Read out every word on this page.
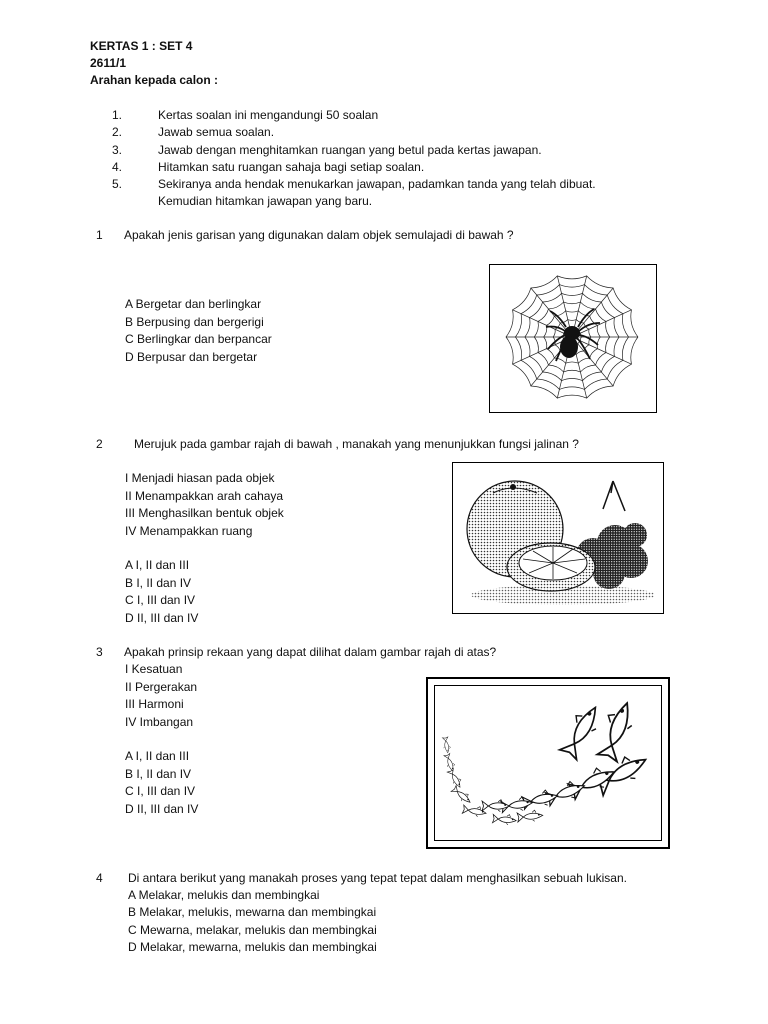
KERTAS 1 : SET 4
2611/1
Arahan kepada calon :
1.	Kertas soalan ini mengandungi 50 soalan
2.	Jawab semua soalan.
3.	Jawab dengan menghitamkan ruangan yang betul pada kertas jawapan.
4.	Hitamkan satu ruangan sahaja bagi setiap soalan.
5.	Sekiranya anda hendak menukarkan jawapan, padamkan tanda yang telah dibuat.
Kemudian hitamkan jawapan yang baru.
1 Apakah jenis garisan yang digunakan dalam objek semulajadi di bawah ?
A Bergetar dan berlingkar
B Berpusing dan bergerigi
C Berlingkar dan berpancar
D Berpusar dan bergetar
2	Merujuk pada gambar rajah di bawah , manakah yang menunjukkan fungsi jalinan ?
I Menjadi hiasan pada objek
II Menampakkan arah cahaya
III Menghasilkan bentuk objek
IV Menampakkan ruang
A I, II dan III
B I, II dan IV
C I, III dan IV
D II, III dan IV
3 Apakah prinsip rekaan yang dapat dilihat dalam gambar rajah di atas?
I Kesatuan
II Pergerakan
III Harmoni
IV Imbangan
A I, II dan III
B I, II dan IV
C I, III dan IV
D II, III dan IV
4 Di antara berikut yang manakah proses yang tepat tepat dalam menghasilkan sebuah lukisan.
A Melakar, melukis dan membingkai
B Melakar, melukis, mewarna dan membingkai
C Mewarna, melakar, melukis dan membingkai
D Melakar, mewarna, melukis dan membingkai
